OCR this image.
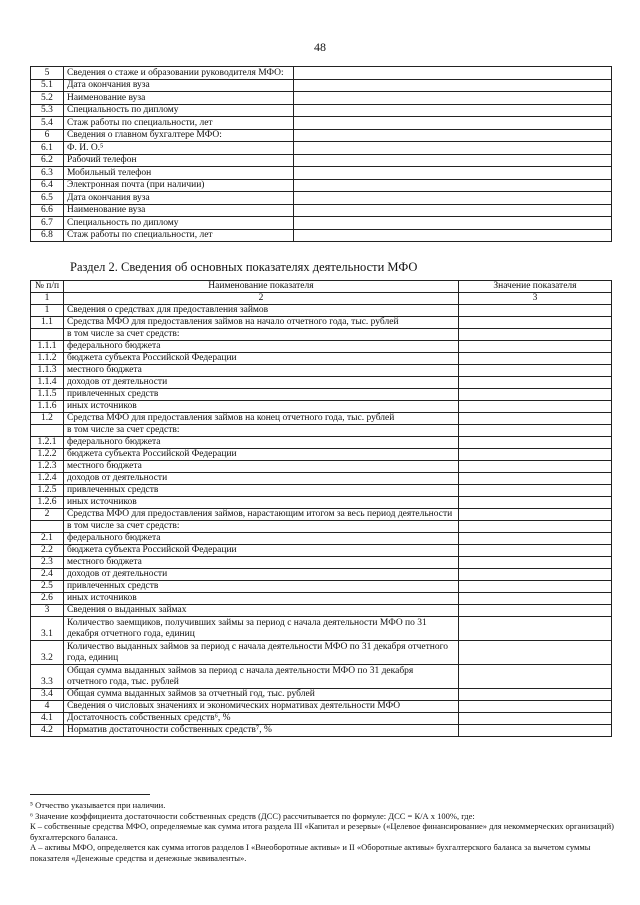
48
5	Сведения о стаже и образовании руководителя МФО:	
5.1	Дата окончания вуза	
5.2	Наименование вуза	
5.3	Специальность по диплому	
5.4	Стаж работы по специальности, лет	
6	Сведения о главном бухгалтере МФО:	
6.1	Ф. И. О.⁵	
6.2	Рабочий телефон	
6.3	Мобильный телефон	
6.4	Электронная почта (при наличии)	
6.5	Дата окончания вуза	
6.6	Наименование вуза	
6.7	Специальность по диплому	
6.8	Стаж работы по специальности, лет	
Раздел 2. Сведения об основных показателях деятельности МФО
№ п/п	Наименование показателя	Значение показателя
1	2	3
1	Сведения о средствах для предоставления займов	
1.1	Средства МФО для предоставления займов на начало отчетного года, тыс. рублей	
	в том числе за счет средств:	
1.1.1	федерального бюджета	
1.1.2	бюджета субъекта Российской Федерации	
1.1.3	местного бюджета	
1.1.4	доходов от деятельности	
1.1.5	привлеченных средств	
1.1.6	иных источников	
1.2	Средства МФО для предоставления займов на конец отчетного года, тыс. рублей	
	в том числе за счет средств:	
1.2.1	федерального бюджета	
1.2.2	бюджета субъекта Российской Федерации	
1.2.3	местного бюджета	
1.2.4	доходов от деятельности	
1.2.5	привлеченных средств	
1.2.6	иных источников	
2	Средства МФО для предоставления займов, нарастающим итогом за весь период деятельности	
	в том числе за счет средств:	
2.1	федерального бюджета	
2.2	бюджета субъекта Российской Федерации	
2.3	местного бюджета	
2.4	доходов от деятельности	
2.5	привлеченных средств	
2.6	иных источников	
3	Сведения о выданных займах	
3.1	Количество заемщиков, получивших займы за период с начала деятельности МФО по 31 декабря отчетного года, единиц	
3.2	Количество выданных займов за период с начала деятельности МФО по 31 декабря отчетного года, единиц	
3.3	Общая сумма выданных займов за период с начала деятельности МФО по 31 декабря отчетного года, тыс. рублей	
3.4	Общая сумма выданных займов за отчетный год, тыс. рублей	
4	Сведения о числовых значениях и экономических нормативах деятельности МФО	
4.1	Достаточность собственных средств⁶, %	
4.2	Норматив достаточности собственных средств⁷, %	

⁵ Отчество указывается при наличии.

⁶ Значение коэффициента достаточности собственных средств (ДСС) рассчитывается по формуле: ДСС = К/А х 100%, где:

К – собственные средства МФО, определяемые как сумма итога раздела III «Капитал и резервы» («Целевое финансирование» для некоммерческих организаций) бухгалтерского баланса.

А – активы МФО, определяется как сумма итогов разделов I «Внеоборотные активы» и II «Оборотные активы» бухгалтерского баланса за вычетом суммы показателя «Денежные средства и денежные эквиваленты».
